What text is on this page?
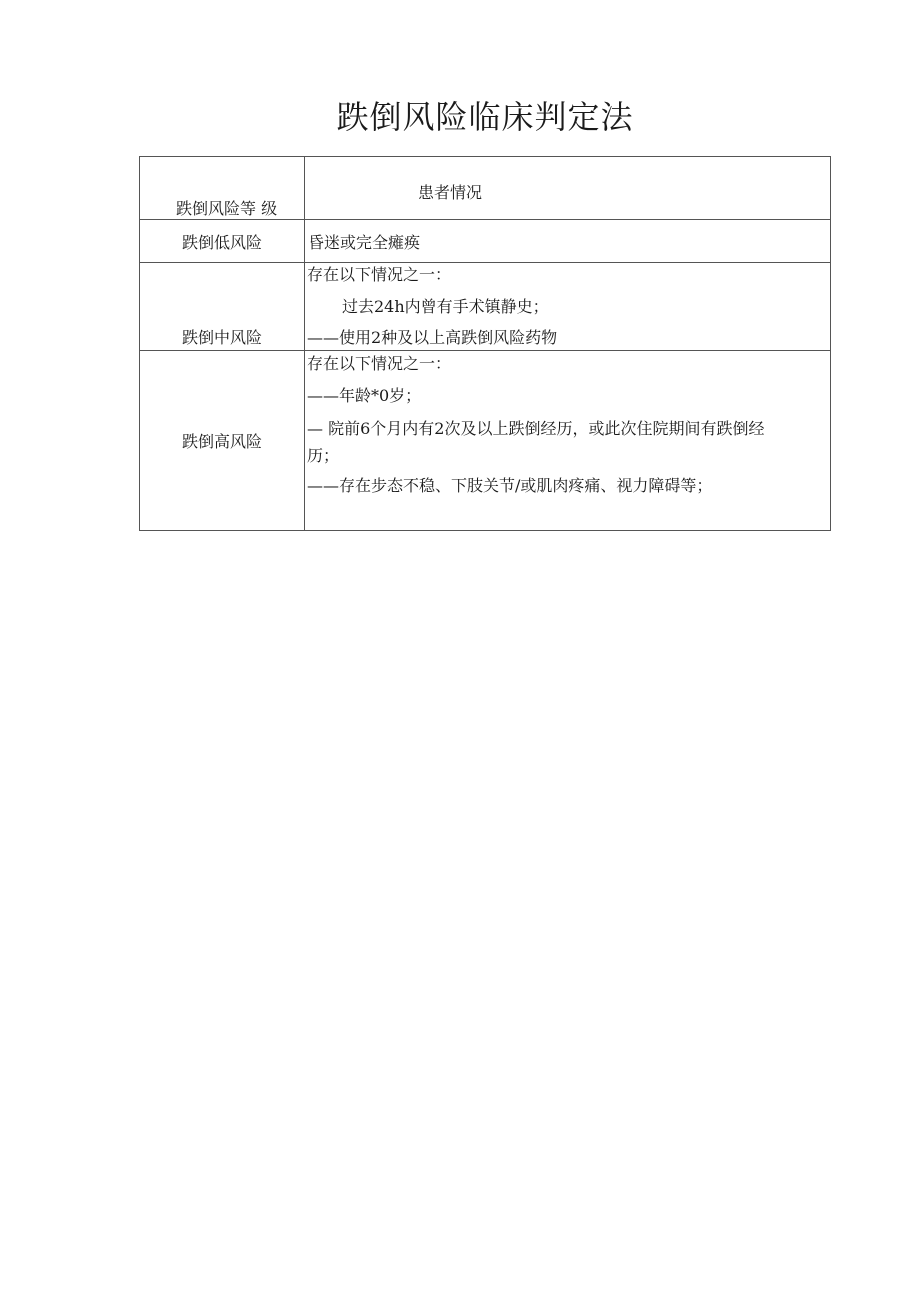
跌倒风险临床判定法
跌倒风险等 级	患者情况

跌倒低风险	昏迷或完全瘫痪

跌倒中风险	存在以下情况之一：
过去24h内曾有手术镇静史；
——使用2种及以上高跌倒风险药物

跌倒高风险	存在以下情况之一：
——年龄*0岁；
— 院前6个月内有2次及以上跌倒经历，或此次住院期间有跌倒经
历；
——存在步态不稳、下肢关节/或肌肉疼痛、视力障碍等；
